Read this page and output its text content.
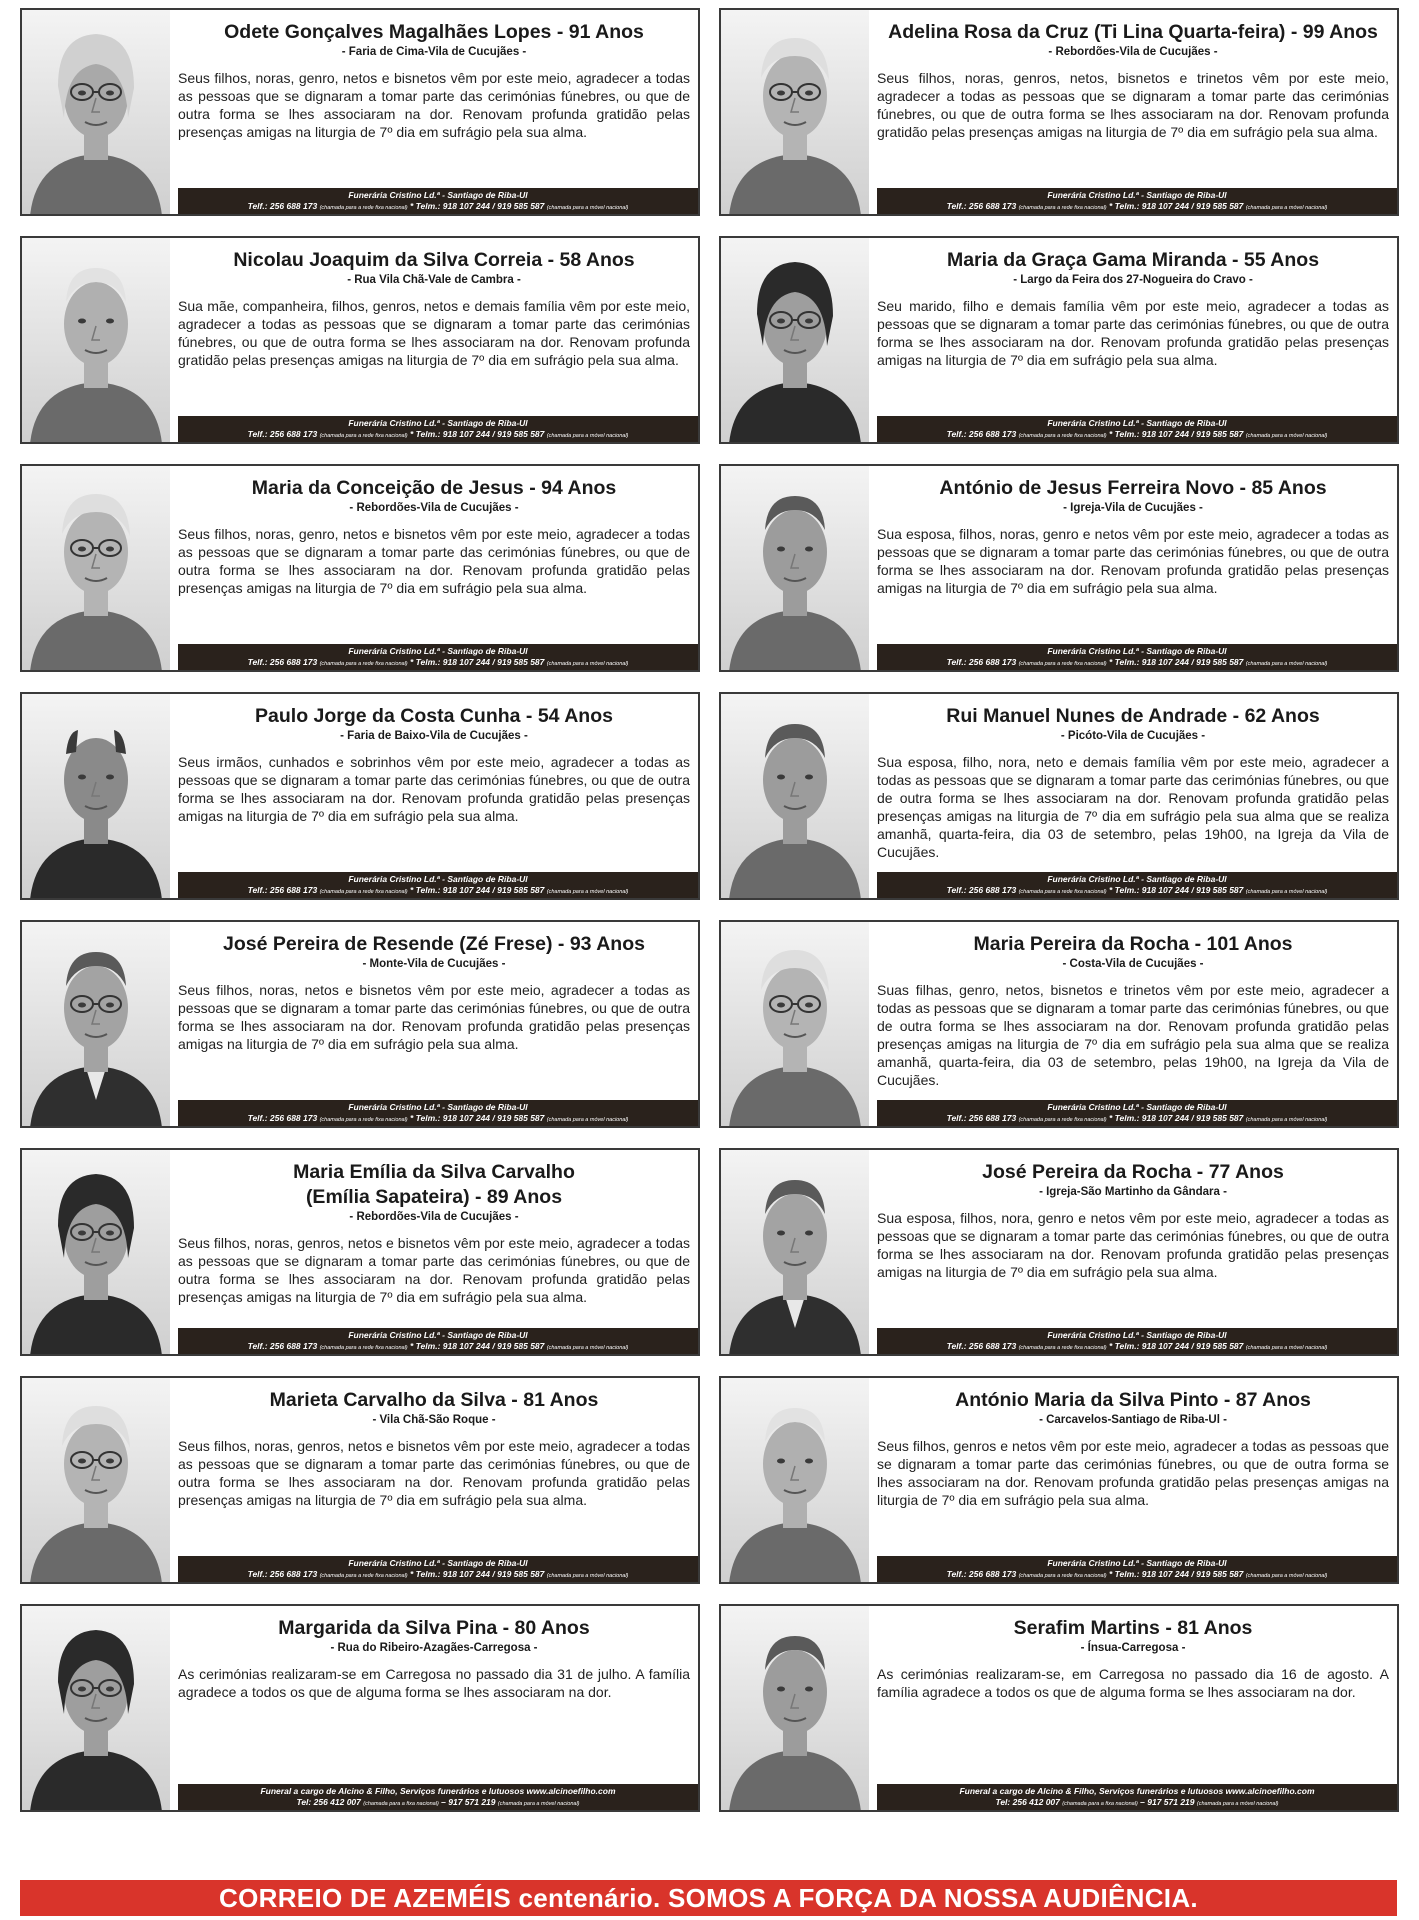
Odete Gonçalves Magalhães Lopes - 91 Anos

- Faria de Cima-Vila de Cucujães -

Seus filhos, noras, genro, netos e bisnetos vêm por este meio, agradecer a todas as pessoas que se dignaram a tomar parte das cerimónias fúnebres, ou que de outra forma se lhes associaram na dor. Renovam profunda gratidão pelas presenças amigas na liturgia de 7º dia em sufrágio pela sua alma.

Funerária Cristino Ld.ª - Santiago de Riba-Ul
Telf.: 256 688 173 (chamada para a rede fixa nacional) * Telm.: 918 107 244 / 919 585 587 (chamada para a móvel nacional)
Adelina Rosa da Cruz (Ti Lina Quarta-feira) - 99 Anos

- Rebordões-Vila de Cucujães -

Seus filhos, noras, genros, netos, bisnetos e trinetos vêm por este meio, agradecer a todas as pessoas que se dignaram a tomar parte das cerimónias fúnebres, ou que de outra forma se lhes associaram na dor. Renovam profunda gratidão pelas presenças amigas na liturgia de 7º dia em sufrágio pela sua alma.

Funerária Cristino Ld.ª - Santiago de Riba-Ul
Telf.: 256 688 173 (chamada para a rede fixa nacional) * Telm.: 918 107 244 / 919 585 587 (chamada para a móvel nacional)
Nicolau Joaquim da Silva Correia - 58 Anos

- Rua Vila Chã-Vale de Cambra -

Sua mãe, companheira, filhos, genros, netos e demais família vêm por este meio, agradecer a todas as pessoas que se dignaram a tomar parte das cerimónias fúnebres, ou que de outra forma se lhes associaram na dor. Renovam profunda gratidão pelas presenças amigas na liturgia de 7º dia em sufrágio pela sua alma.

Funerária Cristino Ld.ª - Santiago de Riba-Ul
Telf.: 256 688 173 (chamada para a rede fixa nacional) * Telm.: 918 107 244 / 919 585 587 (chamada para a móvel nacional)
Maria da Graça Gama Miranda - 55 Anos

- Largo da Feira dos 27-Nogueira do Cravo -

Seu marido, filho e demais família vêm por este meio, agradecer a todas as pessoas que se dignaram a tomar parte das cerimónias fúnebres, ou que de outra forma se lhes associaram na dor. Renovam profunda gratidão pelas presenças amigas na liturgia de 7º dia em sufrágio pela sua alma.

Funerária Cristino Ld.ª - Santiago de Riba-Ul
Telf.: 256 688 173 (chamada para a rede fixa nacional) * Telm.: 918 107 244 / 919 585 587 (chamada para a móvel nacional)
Maria da Conceição de Jesus - 94 Anos

- Rebordões-Vila de Cucujães -

Seus filhos, noras, genro, netos e bisnetos vêm por este meio, agradecer a todas as pessoas que se dignaram a tomar parte das cerimónias fúnebres, ou que de outra forma se lhes associaram na dor. Renovam profunda gratidão pelas presenças amigas na liturgia de 7º dia em sufrágio pela sua alma.

Funerária Cristino Ld.ª - Santiago de Riba-Ul
Telf.: 256 688 173 (chamada para a rede fixa nacional) * Telm.: 918 107 244 / 919 585 587 (chamada para a móvel nacional)
António de Jesus Ferreira Novo - 85 Anos

- Igreja-Vila de Cucujães -

Sua esposa, filhos, noras, genro e netos vêm por este meio, agradecer a todas as pessoas que se dignaram a tomar parte das cerimónias fúnebres, ou que de outra forma se lhes associaram na dor. Renovam profunda gratidão pelas presenças amigas na liturgia de 7º dia em sufrágio pela sua alma.

Funerária Cristino Ld.ª - Santiago de Riba-Ul
Telf.: 256 688 173 (chamada para a rede fixa nacional) * Telm.: 918 107 244 / 919 585 587 (chamada para a móvel nacional)
Paulo Jorge da Costa Cunha - 54 Anos

- Faria de Baixo-Vila de Cucujães -

Seus irmãos, cunhados e sobrinhos vêm por este meio, agradecer a todas as pessoas que se dignaram a tomar parte das cerimónias fúnebres, ou que de outra forma se lhes associaram na dor. Renovam profunda gratidão pelas presenças amigas na liturgia de 7º dia em sufrágio pela sua alma.

Funerária Cristino Ld.ª - Santiago de Riba-Ul
Telf.: 256 688 173 (chamada para a rede fixa nacional) * Telm.: 918 107 244 / 919 585 587 (chamada para a móvel nacional)
Rui Manuel Nunes de Andrade - 62 Anos

- Picóto-Vila de Cucujães -

Sua esposa, filho, nora, neto e demais família vêm por este meio, agradecer a todas as pessoas que se dignaram a tomar parte das cerimónias fúnebres, ou que de outra forma se lhes associaram na dor. Renovam profunda gratidão pelas presenças amigas na liturgia de 7º dia em sufrágio pela sua alma que se realiza amanhã, quarta-feira, dia 03 de setembro, pelas 19h00, na Igreja da Vila de Cucujães.

Funerária Cristino Ld.ª - Santiago de Riba-Ul
Telf.: 256 688 173 (chamada para a rede fixa nacional) * Telm.: 918 107 244 / 919 585 587 (chamada para a móvel nacional)
José Pereira de Resende (Zé Frese) - 93 Anos

- Monte-Vila de Cucujães -

Seus filhos, noras, netos e bisnetos vêm por este meio, agradecer a todas as pessoas que se dignaram a tomar parte das cerimónias fúnebres, ou que de outra forma se lhes associaram na dor. Renovam profunda gratidão pelas presenças amigas na liturgia de 7º dia em sufrágio pela sua alma.

Funerária Cristino Ld.ª - Santiago de Riba-Ul
Telf.: 256 688 173 (chamada para a rede fixa nacional) * Telm.: 918 107 244 / 919 585 587 (chamada para a móvel nacional)
Maria Pereira da Rocha - 101 Anos

- Costa-Vila de Cucujães -

Suas filhas, genro, netos, bisnetos e trinetos vêm por este meio, agradecer a todas as pessoas que se dignaram a tomar parte das cerimónias fúnebres, ou que de outra forma se lhes associaram na dor. Renovam profunda gratidão pelas presenças amigas na liturgia de 7º dia em sufrágio pela sua alma que se realiza amanhã, quarta-feira, dia 03 de setembro, pelas 19h00, na Igreja da Vila de Cucujães.

Funerária Cristino Ld.ª - Santiago de Riba-Ul
Telf.: 256 688 173 (chamada para a rede fixa nacional) * Telm.: 918 107 244 / 919 585 587 (chamada para a móvel nacional)
Maria Emília da Silva Carvalho
(Emília Sapateira) - 89 Anos

- Rebordões-Vila de Cucujães -

Seus filhos, noras, genros, netos e bisnetos vêm por este meio, agradecer a todas as pessoas que se dignaram a tomar parte das cerimónias fúnebres, ou que de outra forma se lhes associaram na dor. Renovam profunda gratidão pelas presenças amigas na liturgia de 7º dia em sufrágio pela sua alma.

Funerária Cristino Ld.ª - Santiago de Riba-Ul
Telf.: 256 688 173 (chamada para a rede fixa nacional) * Telm.: 918 107 244 / 919 585 587 (chamada para a móvel nacional)
José Pereira da Rocha - 77 Anos

- Igreja-São Martinho da Gândara -

Sua esposa, filhos, nora, genro e netos vêm por este meio, agradecer a todas as pessoas que se dignaram a tomar parte das cerimónias fúnebres, ou que de outra forma se lhes associaram na dor. Renovam profunda gratidão pelas presenças amigas na liturgia de 7º dia em sufrágio pela sua alma.

Funerária Cristino Ld.ª - Santiago de Riba-Ul
Telf.: 256 688 173 (chamada para a rede fixa nacional) * Telm.: 918 107 244 / 919 585 587 (chamada para a móvel nacional)
Marieta Carvalho da Silva - 81 Anos

- Vila Chã-São Roque -

Seus filhos, noras, genros, netos e bisnetos vêm por este meio, agradecer a todas as pessoas que se dignaram a tomar parte das cerimónias fúnebres, ou que de outra forma se lhes associaram na dor. Renovam profunda gratidão pelas presenças amigas na liturgia de 7º dia em sufrágio pela sua alma.

Funerária Cristino Ld.ª - Santiago de Riba-Ul
Telf.: 256 688 173 (chamada para a rede fixa nacional) * Telm.: 918 107 244 / 919 585 587 (chamada para a móvel nacional)
António Maria da Silva Pinto - 87 Anos

- Carcavelos-Santiago de Riba-Ul -

Seus filhos, genros e netos vêm por este meio, agradecer a todas as pessoas que se dignaram a tomar parte das cerimónias fúnebres, ou que de outra forma se lhes associaram na dor. Renovam profunda gratidão pelas presenças amigas na liturgia de 7º dia em sufrágio pela sua alma.

Funerária Cristino Ld.ª - Santiago de Riba-Ul
Telf.: 256 688 173 (chamada para a rede fixa nacional) * Telm.: 918 107 244 / 919 585 587 (chamada para a móvel nacional)
Margarida da Silva Pina - 80 Anos

- Rua do Ribeiro-Azagães-Carregosa -

As cerimónias realizaram-se em Carregosa no passado dia 31 de julho. A família agradece a todos os que de alguma forma se lhes associaram na dor.

Funeral a cargo de Alcino & Filho, Serviços funerários e lutuosos www.alcinoefilho.com
Tel: 256 412 007 (chamada para a fixa nacional) – 917 571 219 (chamada para a móvel nacional)
Serafim Martins - 81 Anos

- Ínsua-Carregosa -

As cerimónias realizaram-se, em Carregosa no passado dia 16 de agosto. A família agradece a todos os que de alguma forma se lhes associaram na dor.

Funeral a cargo de Alcino & Filho, Serviços funerários e lutuosos www.alcinoefilho.com
Tel: 256 412 007 (chamada para a fixa nacional) – 917 571 219 (chamada para a móvel nacional)
CORREIO DE AZEMÉIS centenário. SOMOS A FORÇA DA NOSSA AUDIÊNCIA.
